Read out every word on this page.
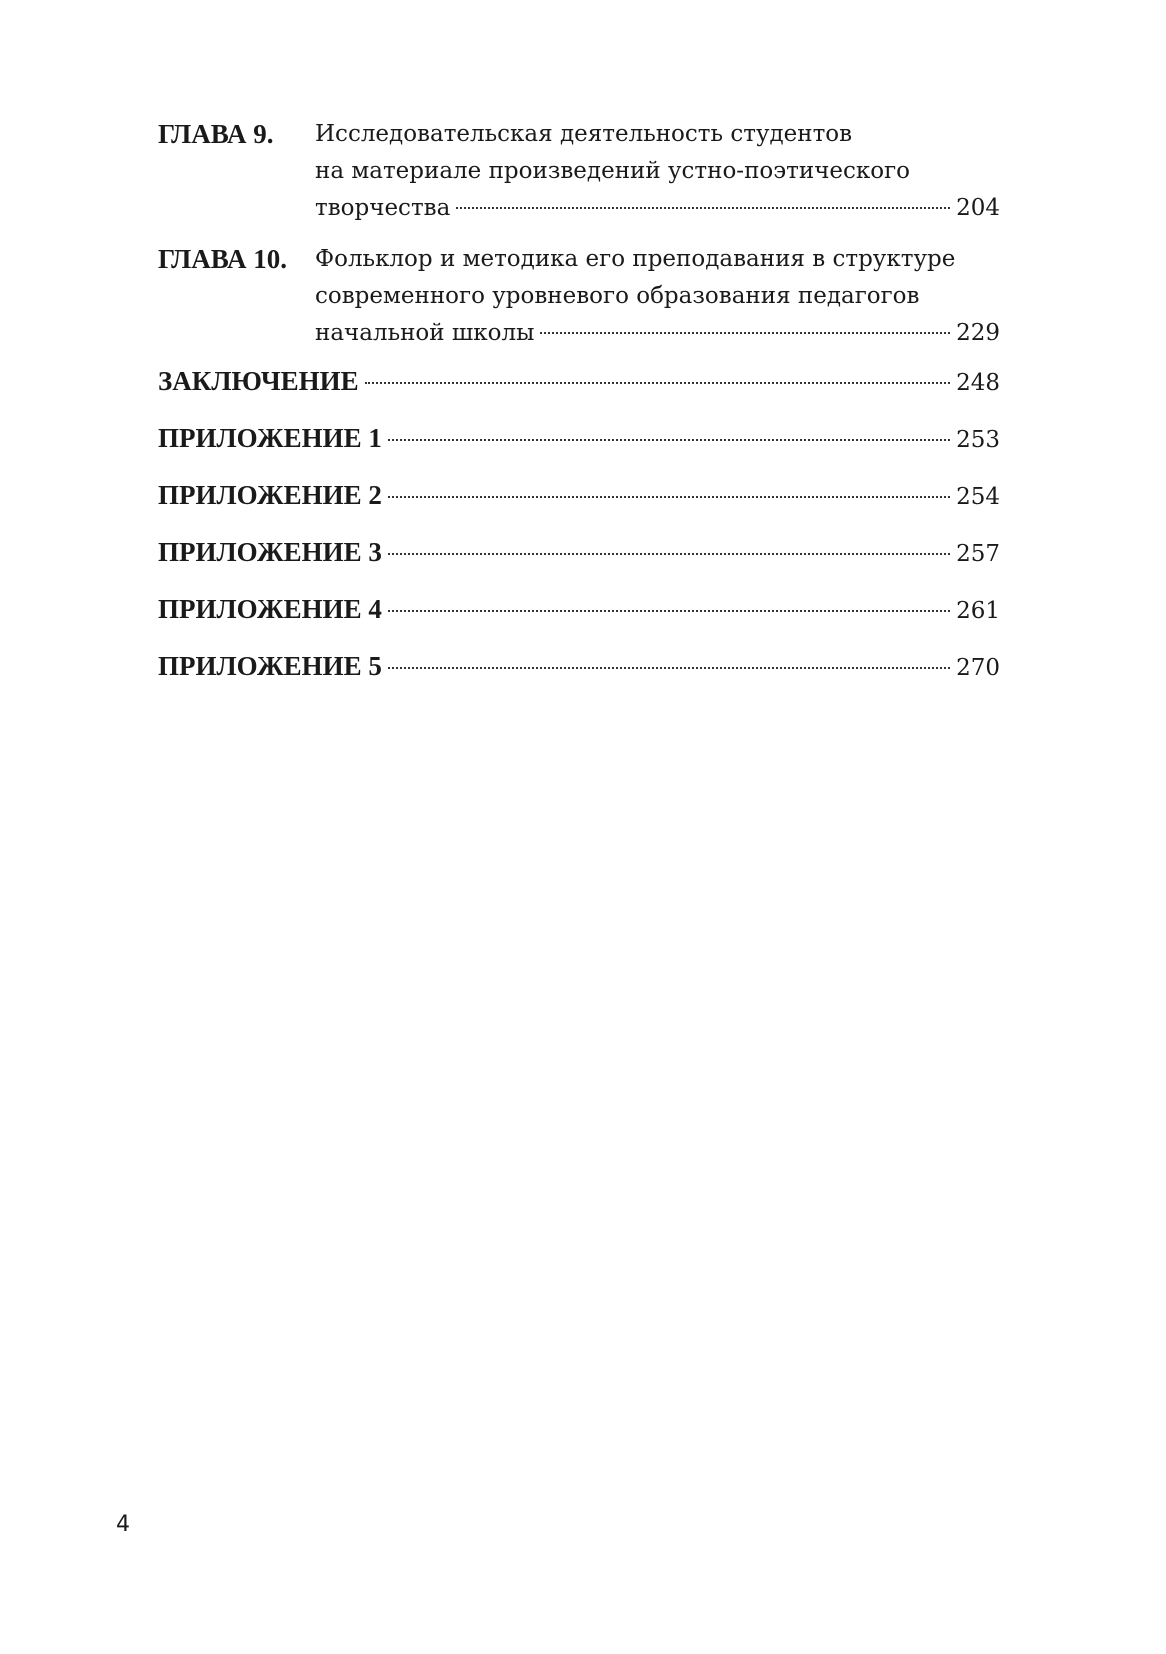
ГЛАВА 9.	Исследовательская деятельность студентов
на материале произведений устно-поэтического
творчества	204
ГЛАВА 10.	Фольклор и методика его преподавания в структуре
современного уровневого образования педагогов
начальной школы	229
ЗАКЛЮЧЕНИЕ	248
ПРИЛОЖЕНИЕ 1	253
ПРИЛОЖЕНИЕ 2	254
ПРИЛОЖЕНИЕ 3	257
ПРИЛОЖЕНИЕ 4	261
ПРИЛОЖЕНИЕ 5	270
4
